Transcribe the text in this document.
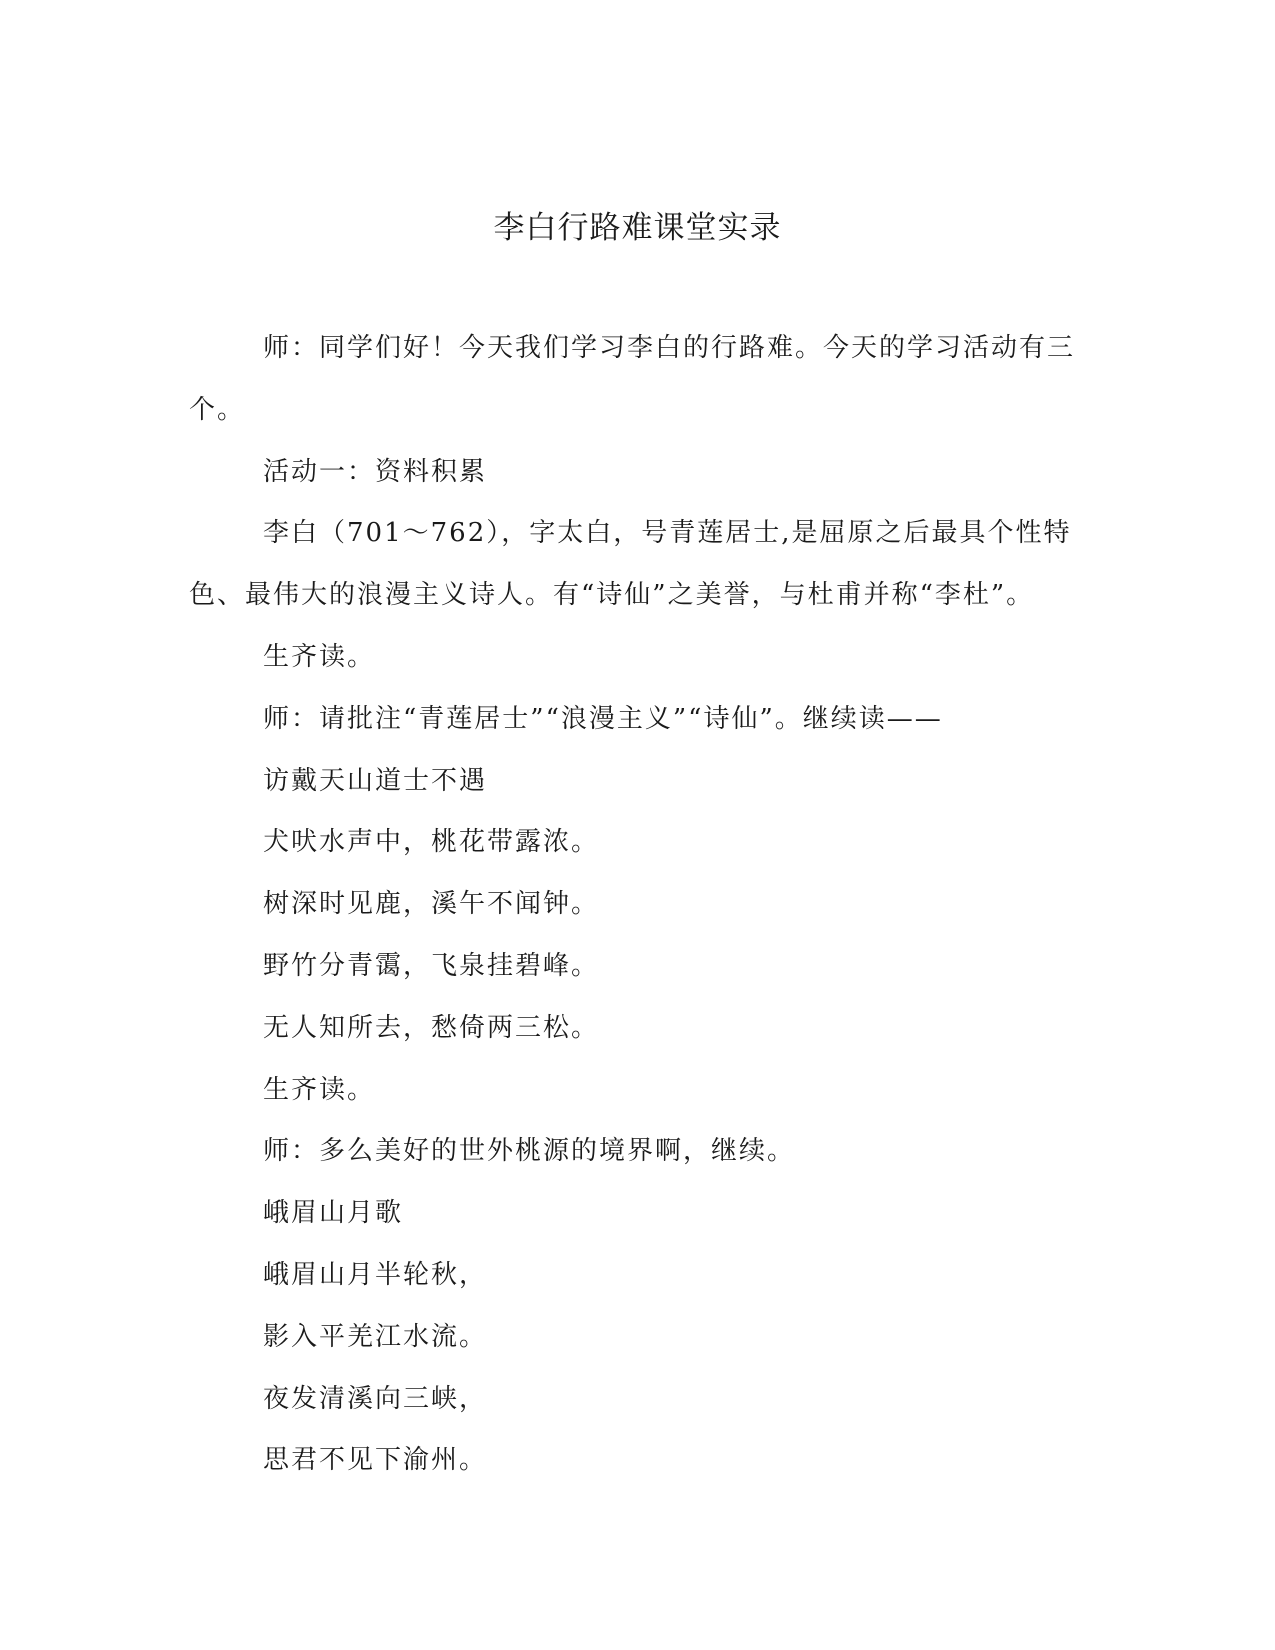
李白行路难课堂实录

师：同学们好！今天我们学习李白的行路难。今天的学习活动有三个。

活动一：资料积累

李白（701～762），字太白，号青莲居士,是屈原之后最具个性特色、最伟大的浪漫主义诗人。有“诗仙”之美誉，与杜甫并称“李杜”。

生齐读。

师：请批注“青莲居士”“浪漫主义”“诗仙”。继续读——

访戴天山道士不遇

犬吠水声中，桃花带露浓。

树深时见鹿，溪午不闻钟。

野竹分青霭，飞泉挂碧峰。

无人知所去，愁倚两三松。

生齐读。

师：多么美好的世外桃源的境界啊，继续。

峨眉山月歌

峨眉山月半轮秋，

影入平羌江水流。

夜发清溪向三峡，

思君不见下渝州。
